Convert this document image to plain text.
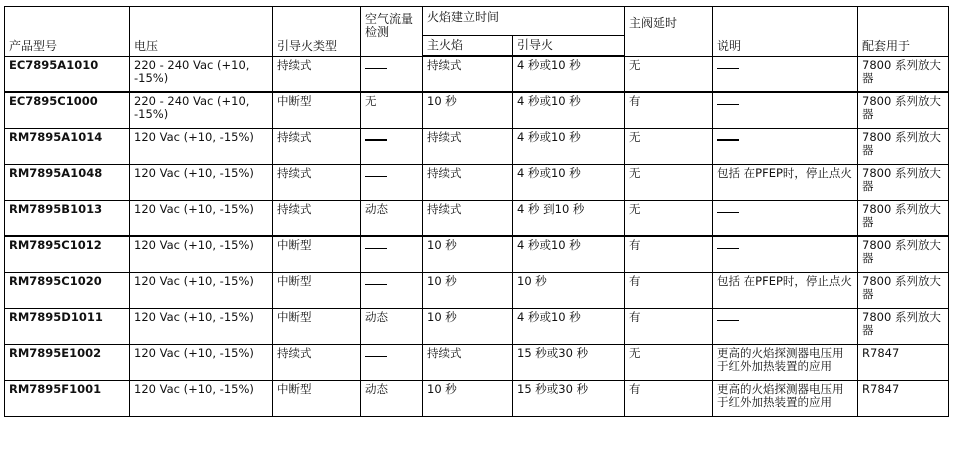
产品型号	电压	引导火类型	空气流量检测	火焰建立时间		主阀延时	说明	配套用于
				主火焰	引导火			
EC7895A1010	220 - 240 Vac (+10, -15%)	持续式		持续式	4 秒或10 秒	无		7800 系列放大器
EC7895C1000	220 - 240 Vac (+10, -15%)	中断型	无	10 秒	4 秒或10 秒	有		7800 系列放大器
RM7895A1014	120 Vac (+10, -15%)	持续式		持续式	4 秒或10 秒	无		7800 系列放大器
RM7895A1048	120 Vac (+10, -15%)	持续式		持续式	4 秒或10 秒	无	包括 在PFEP时，停止点火	7800 系列放大器
RM7895B1013	120 Vac (+10, -15%)	持续式	动态	持续式	4 秒 到10 秒	无		7800 系列放大器
RM7895C1012	120 Vac (+10, -15%)	中断型		10 秒	4 秒或10 秒	有		7800 系列放大器
RM7895C1020	120 Vac (+10, -15%)	中断型		10 秒	10 秒	有	包括 在PFEP时，停止点火	7800 系列放大器
RM7895D1011	120 Vac (+10, -15%)	中断型	动态	10 秒	4 秒或10 秒	有		7800 系列放大器
RM7895E1002	120 Vac (+10, -15%)	持续式		持续式	15 秒或30 秒	无	更高的火焰探测器电压用于红外加热装置的应用	R7847
RM7895F1001	120 Vac (+10, -15%)	中断型	动态	10 秒	15 秒或30 秒	有	更高的火焰探测器电压用于红外加热装置的应用	R7847
